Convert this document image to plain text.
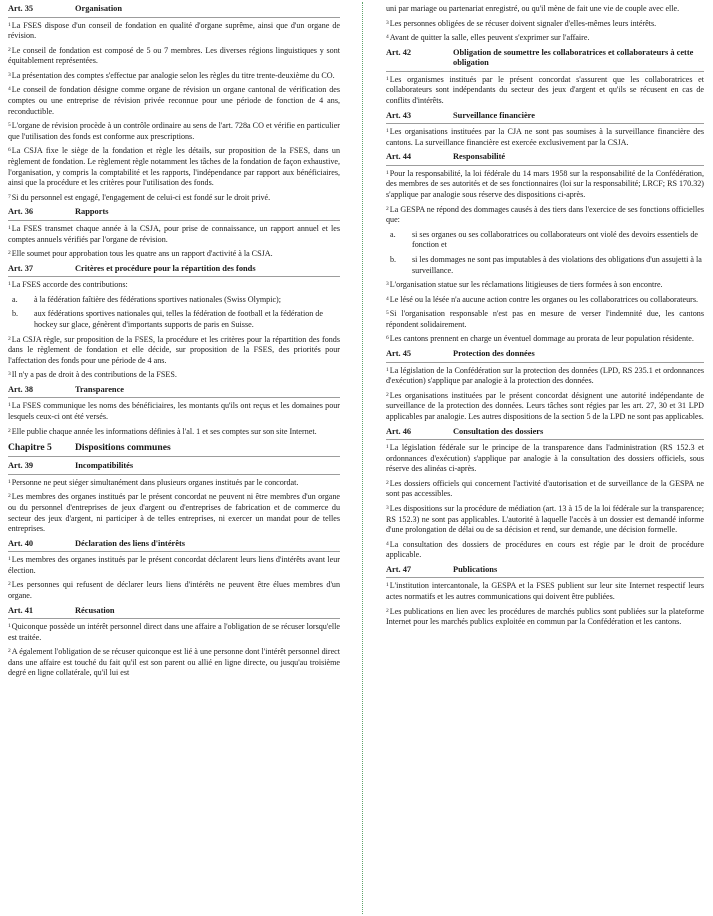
Art. 35	Organisation

$^1$La FSES dispose d'un conseil de fondation en qualité d'organe suprême, ainsi que d'un organe de révision.

$^2$Le conseil de fondation est composé de 5 ou 7 membres. Les diverses régions linguistiques y sont équitablement représentées.

$^3$La présentation des comptes s'effectue par analogie selon les règles du titre trente-deuxième du CO.

$^4$Le conseil de fondation désigne comme organe de révision un organe cantonal de vérification des comptes ou une entreprise de révision privée reconnue pour une période de fonction de 4 ans, reconductible.

$^5$L'organe de révision procède à un contrôle ordinaire au sens de l'art. 728a CO et vérifie en particulier que l'utilisation des fonds est conforme aux prescriptions.

$^6$La CSJA fixe le siège de la fondation et règle les détails, sur proposition de la FSES, dans un règlement de fondation. Le règlement règle notamment les tâches de la fondation de façon exhaustive, l'organisation, y compris la comptabilité et les rapports, l'indépendance par rapport aux bénéficiaires, ainsi que la procédure et les critères pour l'utilisation des fonds.

$^7$Si du personnel est engagé, l'engagement de celui-ci est fondé sur le droit privé.

Art. 36	Rapports

$^1$La FSES transmet chaque année à la CSJA, pour prise de connaissance, un rapport annuel et les comptes annuels vérifiés par l'organe de révision.

$^2$Elle soumet pour approbation tous les quatre ans un rapport d'activité à la CSJA.

Art. 37	Critères et procédure pour la répartition des fonds

$^1$La FSES accorde des contributions:

a.	à la fédération faîtière des fédérations sportives nationales (Swiss Olympic);
b.	aux fédérations sportives nationales qui, telles la fédération de football et la fédération de hockey sur glace, génèrent d'importants supports de paris en Suisse.

$^2$La CSJA règle, sur proposition de la FSES, la procédure et les critères pour la répartition des fonds dans le règlement de fondation et elle décide, sur proposition de la FSES, des priorités pour l'affectation des fonds pour une période de 4 ans.

$^3$Il n'y a pas de droit à des contributions de la FSES.

Art. 38	Transparence

$^1$La FSES communique les noms des bénéficiaires, les montants qu'ils ont reçus et les domaines pour lesquels ceux-ci ont été versés.

$^2$Elle publie chaque année les informations définies à l'al. 1 et ses comptes sur son site Internet.

Chapitre 5	Dispositions communes
Art. 39	Incompatibilités

$^1$Personne ne peut siéger simultanément dans plusieurs organes institués par le concordat.

$^2$Les membres des organes institués par le présent concordat ne peuvent ni être membres d'un organe ou du personnel d'entreprises de jeux d'argent ou d'entreprises de fabrication et de commerce du secteur des jeux d'argent, ni participer à de telles entreprises, ni exercer un mandat pour de telles entreprises.

Art. 40	Déclaration des liens d'intérêts

$^1$Les membres des organes institués par le présent concordat déclarent leurs liens d'intérêts avant leur élection.

$^2$Les personnes qui refusent de déclarer leurs liens d'intérêts ne peuvent être élues membres d'un organe.

Art. 41	Récusation

$^1$Quiconque possède un intérêt personnel direct dans une affaire a l'obligation de se récuser lorsqu'elle est traitée.

$^2$A également l'obligation de se récuser quiconque est lié à une personne dont l'intérêt personnel direct dans une affaire est touché du fait qu'il est son parent ou allié en ligne directe, ou jusqu'au troisième degré en ligne collatérale, qu'il lui est

uni par mariage ou partenariat enregistré, ou qu'il mène de fait une vie de couple avec elle.

$^3$Les personnes obligées de se récuser doivent signaler d'elles-mêmes leurs intérêts.

$^4$Avant de quitter la salle, elles peuvent s'exprimer sur l'affaire.

Art. 42	Obligation de soumettre les collaboratrices et collaborateurs à cette obligation

$^1$Les organismes institués par le présent concordat s'assurent que les collaboratrices et collaborateurs sont indépendants du secteur des jeux d'argent et qu'ils se récusent en cas de conflits d'intérêts.

Art. 43	Surveillance financière

$^1$Les organisations instituées par la CJA ne sont pas soumises à la surveillance financière des cantons. La surveillance financière est exercée exclusivement par la CSJA.

Art. 44	Responsabilité

$^1$Pour la responsabilité, la loi fédérale du 14 mars 1958 sur la responsabilité de la Confédération, des membres de ses autorités et de ses fonctionnaires (loi sur la responsabilité; LRCF; RS 170.32) s'applique par analogie sous réserve des dispositions ci-après.

$^2$La GESPA ne répond des dommages causés à des tiers dans l'exercice de ses fonctions officielles que:

a.	si ses organes ou ses collaboratrices ou collaborateurs ont violé des devoirs essentiels de fonction et
b.	si les dommages ne sont pas imputables à des violations des obligations d'un assujetti à la surveillance.

$^3$L'organisation statue sur les réclamations litigieuses de tiers formées à son encontre.

$^4$Le lésé ou la lésée n'a aucune action contre les organes ou les collaboratrices ou collaborateurs.

$^5$Si l'organisation responsable n'est pas en mesure de verser l'indemnité due, les cantons répondent solidairement.

$^6$Les cantons prennent en charge un éventuel dommage au prorata de leur population résidente.

Art. 45	Protection des données

$^1$La législation de la Confédération sur la protection des données (LPD, RS 235.1 et ordonnances d'exécution) s'applique par analogie à la protection des données.

$^2$Les organisations instituées par le présent concordat désignent une autorité indépendante de surveillance de la protection des données. Leurs tâches sont régies par les art. 27, 30 et 31 LPD applicables par analogie. Les autres dispositions de la section 5 de la LPD ne sont pas applicables.

Art. 46	Consultation des dossiers

$^1$La législation fédérale sur le principe de la transparence dans l'administration (RS 152.3 et ordonnances d'exécution) s'applique par analogie à la consultation des dossiers officiels, sous réserve des alinéas ci-après.

$^2$Les dossiers officiels qui concernent l'activité d'autorisation et de surveillance de la GESPA ne sont pas accessibles.

$^3$Les dispositions sur la procédure de médiation (art. 13 à 15 de la loi fédérale sur la transparence; RS 152.3) ne sont pas applicables. L'autorité à laquelle l'accès à un dossier est demandé informe d'une prolongation de délai ou de sa décision et rend, sur demande, une décision formelle.

$^4$La consultation des dossiers de procédures en cours est régie par le droit de procédure applicable.

Art. 47	Publications

$^1$L'institution intercantonale, la GESPA et la FSES publient sur leur site Internet respectif leurs actes normatifs et les autres communications qui doivent être publiées.

$^2$Les publications en lien avec les procédures de marchés publics sont publiées sur la plateforme Internet pour les marchés publics exploitée en commun par la Confédération et les cantons.
